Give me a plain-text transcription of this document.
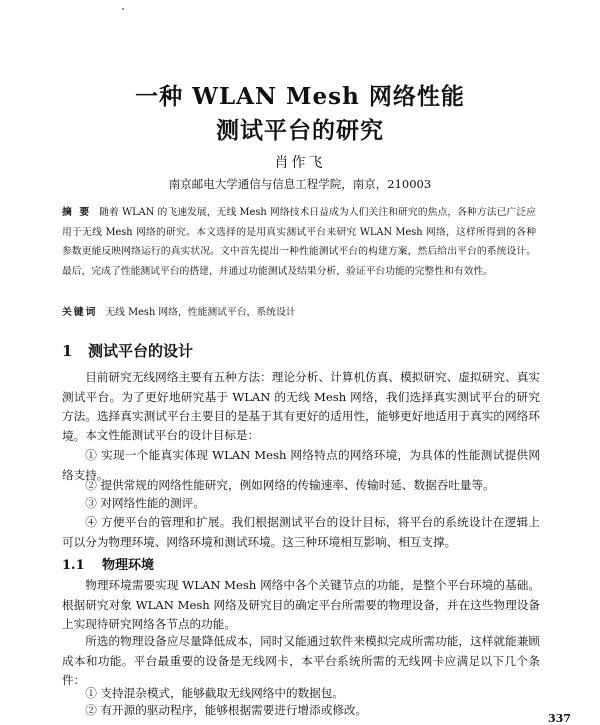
一种 WLAN Mesh 网络性能
测试平台的研究
肖作飞
南京邮电大学通信与信息工程学院，南京，210003

摘 要 随着 WLAN 的飞速发展，无线 Mesh 网络技术日益成为人们关注和研究的焦点，各种方法已广泛应用于无线 Mesh 网络的研究。本文选择的是用真实测试平台来研究 WLAN Mesh 网络，这样所得到的各种参数更能反映网络运行的真实状况。文中首先提出一种性能测试平台的构建方案，然后给出平台的系统设计。最后，完成了性能测试平台的搭建，并通过功能测试及结果分析，验证平台功能的完整性和有效性。

关键词 无线 Mesh 网络，性能测试平台，系统设计

1 测试平台的设计

目前研究无线网络主要有五种方法：理论分析、计算机仿真、模拟研究、虚拟研究、真实测试平台。为了更好地研究基于 WLAN 的无线 Mesh 网络，我们选择真实测试平台的研究方法。选择真实测试平台主要目的是基于其有更好的适用性，能够更好地适用于真实的网络环境。 本文性能测试平台的设计目标是：

① 实现一个能真实体现 WLAN Mesh 网络特点的网络环境，为具体的性能测试提供网络支持。

② 提供常规的网络性能研究，例如网络的传输速率、传输时延、数据吞吐量等。

③ 对网络性能的测评。

④ 方便平台的管理和扩展。我们根据测试平台的设计目标，将平台的系统设计在逻辑上可以分为物理环境、网络环境和测试环境。这三种环境相互影响、相互支撑。

1.1 物理环境

物理环境需要实现 WLAN Mesh 网络中各个关键节点的功能，是整个平台环境的基础。根据研究对象 WLAN Mesh 网络及研究目的确定平台所需要的物理设备，并在这些物理设备上实现待研究网络各节点的功能。

所选的物理设备应尽量降低成本，同时又能通过软件来模拟完成所需功能，这样就能兼顾成本和功能。平台最重要的设备是无线网卡，本平台系统所需的无线网卡应满足以下几个条件：

① 支持混杂模式，能够截取无线网络中的数据包。

② 有开源的驱动程序，能够根据需要进行增添或修改。

337
